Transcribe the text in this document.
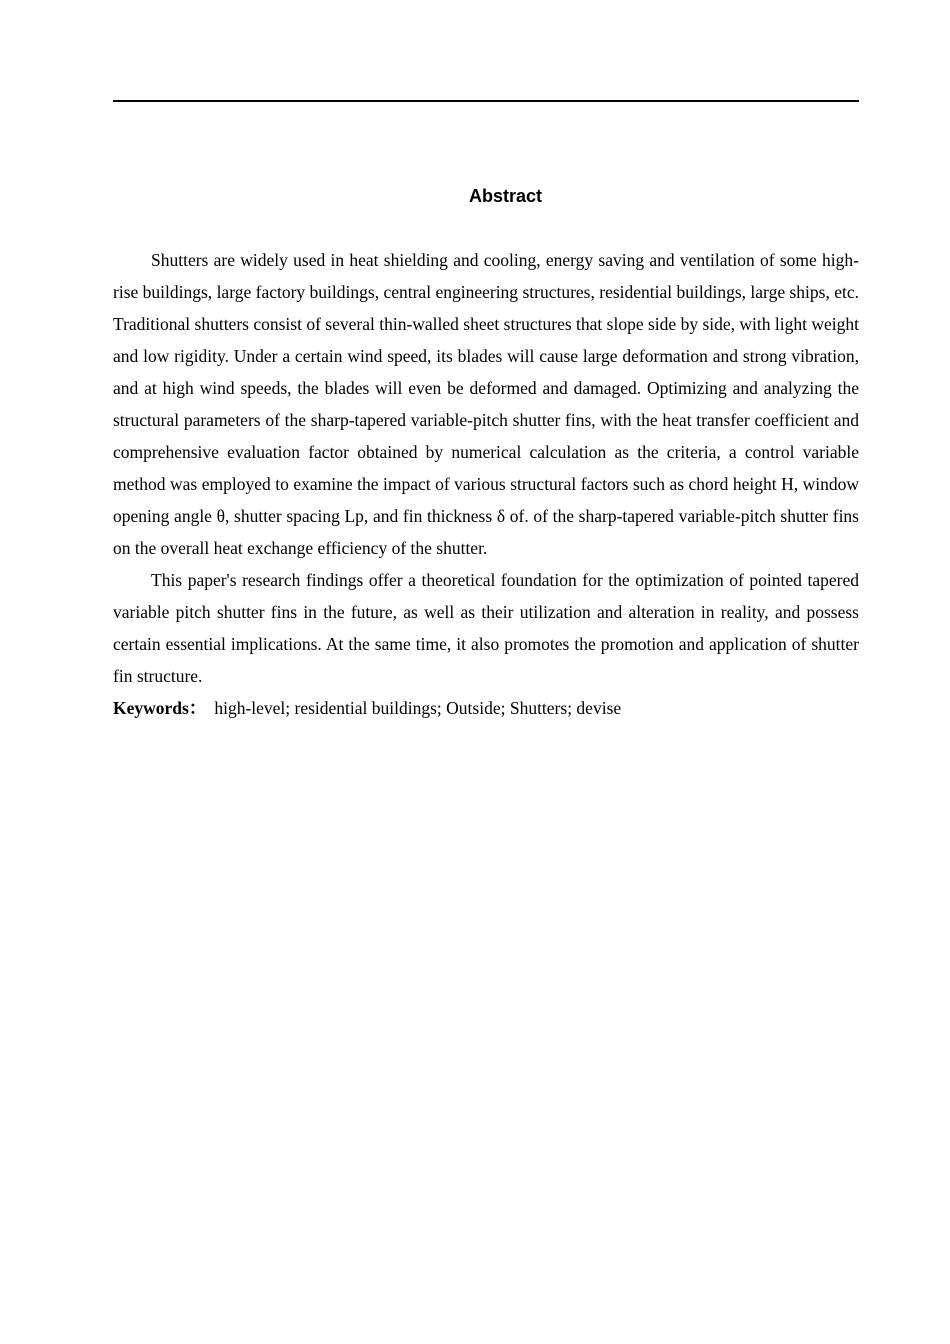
Abstract

Shutters are widely used in heat shielding and cooling, energy saving and ventilation of some high-rise buildings, large factory buildings, central engineering structures, residential buildings, large ships, etc. Traditional shutters consist of several thin-walled sheet structures that slope side by side, with light weight and low rigidity. Under a certain wind speed, its blades will cause large deformation and strong vibration, and at high wind speeds, the blades will even be deformed and damaged. Optimizing and analyzing the structural parameters of the sharp-tapered variable-pitch shutter fins, with the heat transfer coefficient and comprehensive evaluation factor obtained by numerical calculation as the criteria, a control variable method was employed to examine the impact of various structural factors such as chord height H, window opening angle θ, shutter spacing Lp, and fin thickness δ of. of the sharp-tapered variable-pitch shutter fins on the overall heat exchange efficiency of the shutter.

This paper's research findings offer a theoretical foundation for the optimization of pointed tapered variable pitch shutter fins in the future, as well as their utilization and alteration in reality, and possess certain essential implications. At the same time, it also promotes the promotion and application of shutter fin structure.

Keywords： high-level; residential buildings; Outside; Shutters; devise
